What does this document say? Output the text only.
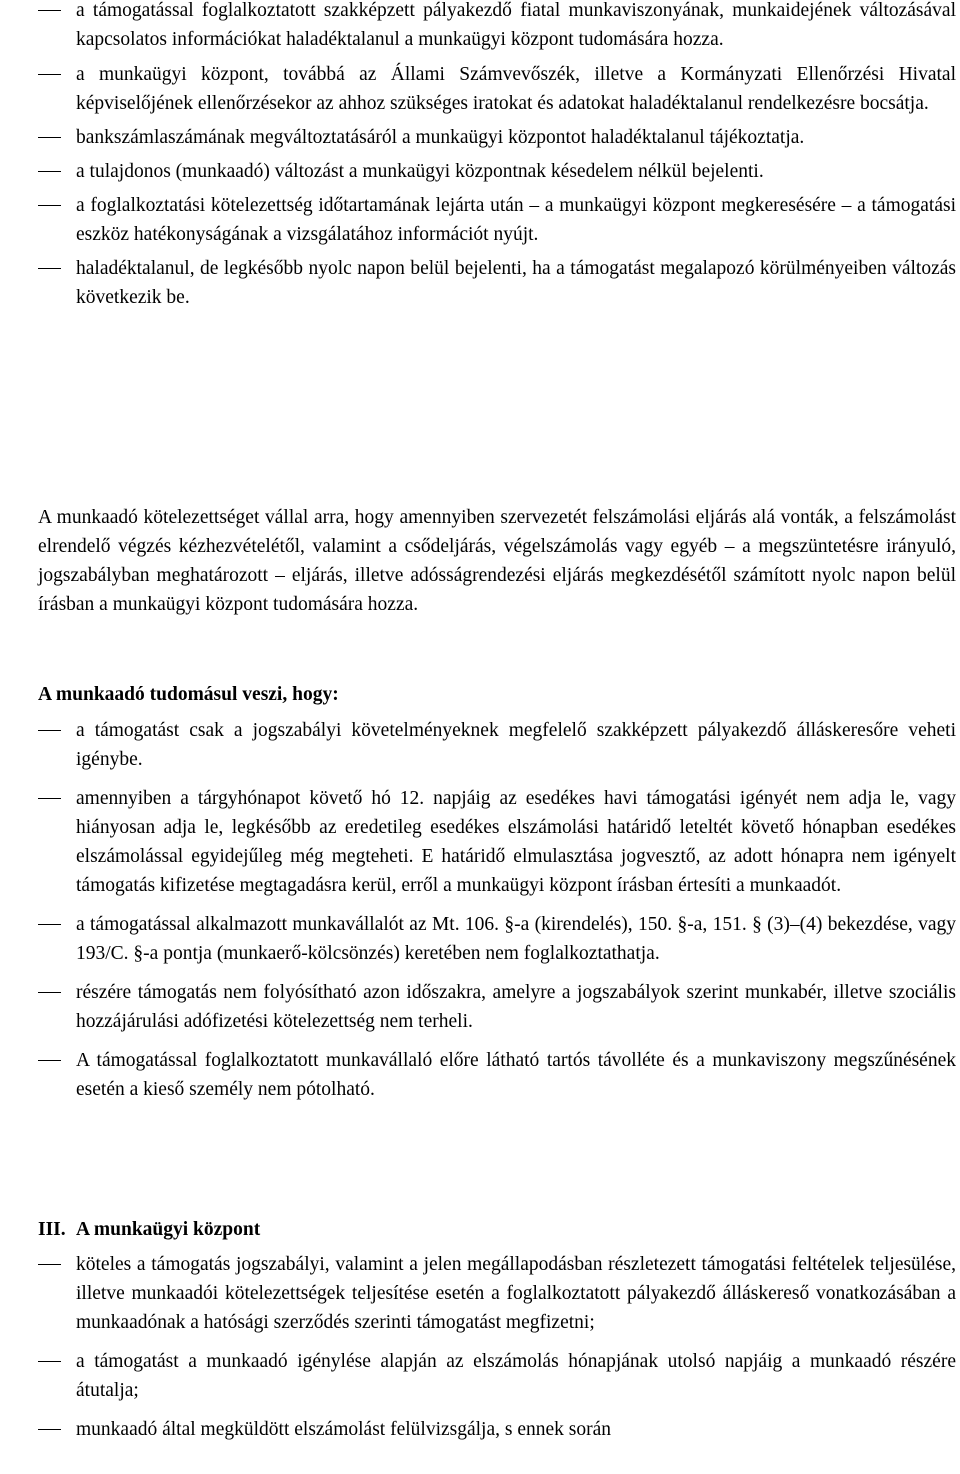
a támogatással foglalkoztatott szakképzett pályakezdő fiatal munkaviszonyának, munkaidejének változásával kapcsolatos információkat haladéktalanul a munkaügyi központ tudomására hozza.
a munkaügyi központ, továbbá az Állami Számvevőszék, illetve a Kormányzati Ellenőrzési Hivatal képviselőjének ellenőrzésekor az ahhoz szükséges iratokat és adatokat haladéktalanul rendelkezésre bocsátja.
bankszámlaszámának megváltoztatásáról a munkaügyi központot haladéktalanul tájékoztatja.
a tulajdonos (munkaadó) változást a munkaügyi központnak késedelem nélkül bejelenti.
a foglalkoztatási kötelezettség időtartamának lejárta után – a munkaügyi központ megkeresésére – a támogatási eszköz hatékonyságának a vizsgálatához információt nyújt.
haladéktalanul, de legkésőbb nyolc napon belül bejelenti, ha a támogatást megalapozó körülményeiben változás következik be.
A munkaadó kötelezettséget vállal arra, hogy amennyiben szervezetét felszámolási eljárás alá vonták, a felszámolást elrendelő végzés kézhezvételétől, valamint a csődeljárás, végelszámolás vagy egyéb – a megszüntetésre irányuló, jogszabályban meghatározott – eljárás, illetve adósságrendezési eljárás megkezdésétől számított nyolc napon belül írásban a munkaügyi központ tudomására hozza.
A munkaadó tudomásul veszi, hogy:
a támogatást csak a jogszabályi követelményeknek megfelelő szakképzett pályakezdő álláskeresőre veheti igénybe.
amennyiben a tárgyhónapot követő hó 12. napjáig az esedékes havi támogatási igényét nem adja le, vagy hiányosan adja le, legkésőbb az eredetileg esedékes elszámolási határidő leteltét követő hónapban esedékes elszámolással egyidejűleg még megteheti. E határidő elmulasztása jogvesztő, az adott hónapra nem igényelt támogatás kifizetése megtagadásra kerül, erről a munkaügyi központ írásban értesíti a munkaadót.
a támogatással alkalmazott munkavállalót az Mt. 106. §-a (kirendelés), 150. §-a, 151. § (3)–(4) bekezdése, vagy 193/C. §-a pontja (munkaerő-kölcsönzés) keretében nem foglalkoztathatja.
részére támogatás nem folyósítható azon időszakra, amelyre a jogszabályok szerint munkabér, illetve szociális hozzájárulási adófizetési kötelezettség nem terheli.
A támogatással foglalkoztatott munkavállaló előre látható tartós távolléte és a munkaviszony megszűnésének esetén a kieső személy nem pótolható.
III. A munkaügyi központ
köteles a támogatás jogszabályi, valamint a jelen megállapodásban részletezett támogatási feltételek teljesülése, illetve munkaadói kötelezettségek teljesítése esetén a foglalkoztatott pályakezdő álláskereső vonatkozásában a munkaadónak a hatósági szerződés szerinti támogatást megfizetni;
a támogatást a munkaadó igénylése alapján az elszámolás hónapjának utolsó napjáig a munkaadó részére átutalja;
munkaadó által megküldött elszámolást felülvizsgálja, s ennek során
